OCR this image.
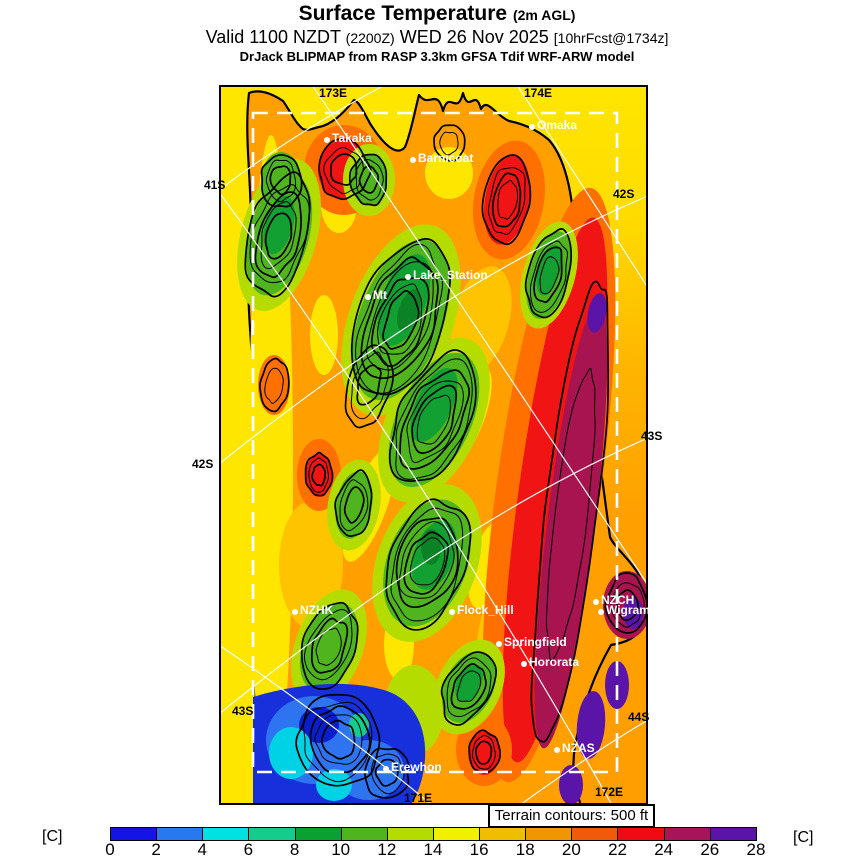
Surface Temperature (2m AGL)
Valid 1100 NZDT (2200Z) WED 26 Nov 2025 [10hrFcst@1734z]
DrJack BLIPMAP from RASP 3.3km GFSA Tdif WRF-ARW model
41S
42S
43S
42S
43S
44S
173E	174E
171E	172E
Takaka
Barnicoat
Omaka
Lake_Station
Mt
NZHK	Flock_Hill
Springfield
Hororata
NZCH
Wigram
NZAS
Erewhon
Terrain contours: 500 ft
[C]
0	2	4	6	8	10	12	14	16	18	20	22	24	26	28
[C]
